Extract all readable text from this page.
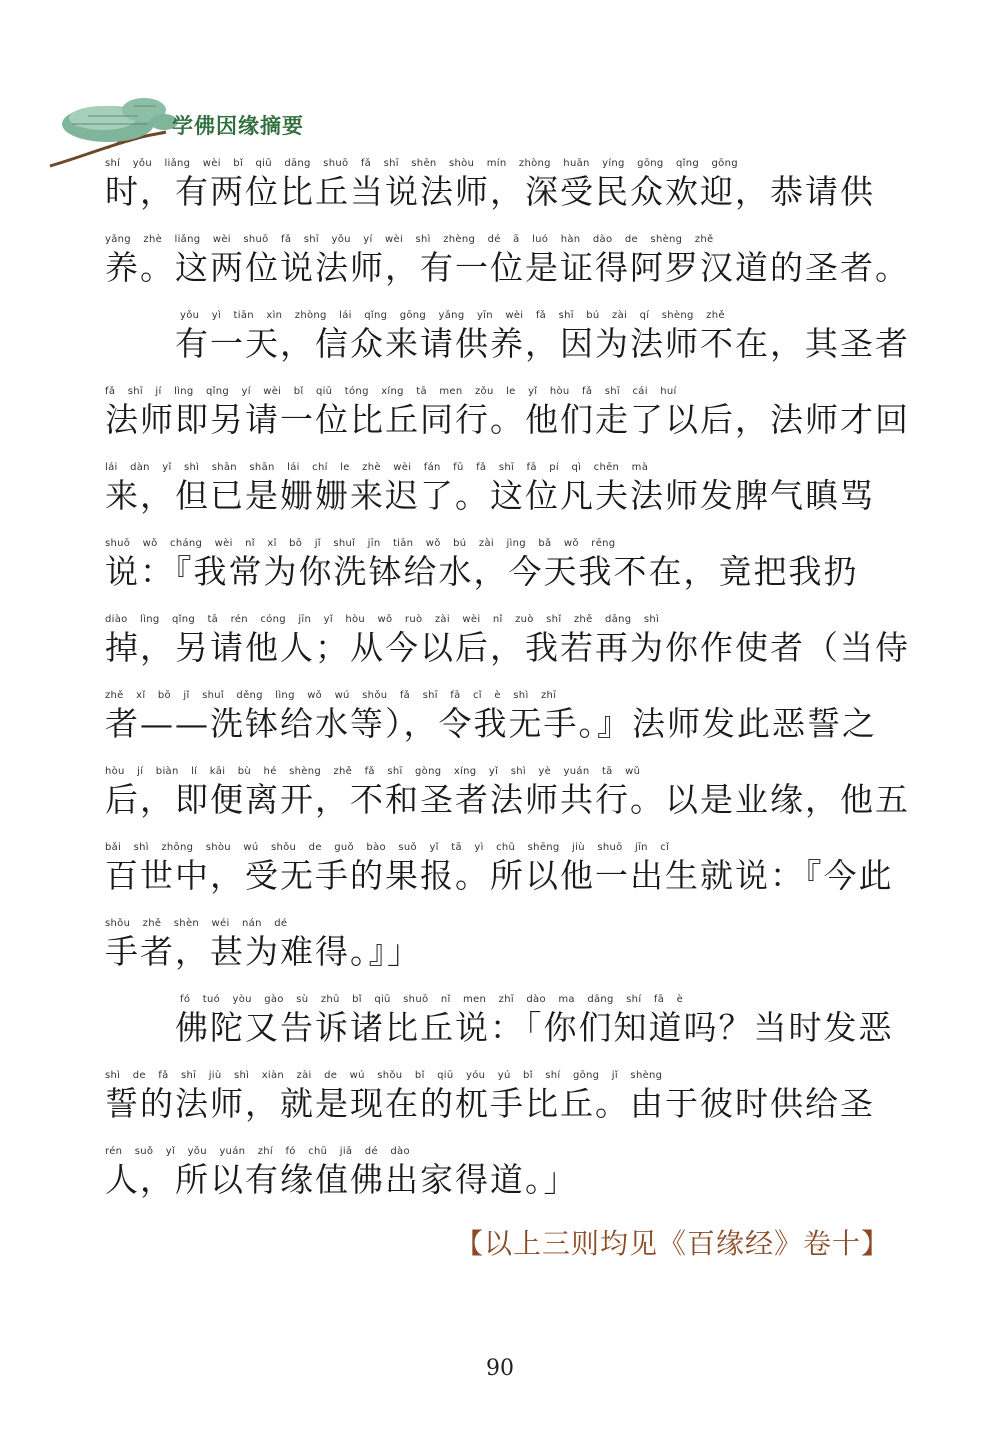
学佛因缘摘要
shí yǒu liǎng wèi bǐ qiū dāng shuō fǎ shī shēn shòu mín zhòng huān yíng gōng qǐng gōng
时，有两位比丘当说法师，深受民众欢迎，恭请供
yǎng zhè liǎng wèi shuō fǎ shī yǒu yí wèi shì zhèng dé ā luó hàn dào de shèng zhě
养。这两位说法师，有一位是证得阿罗汉道的圣者。
yǒu yì tiān xìn zhòng lái qǐng gōng yǎng yīn wèi fǎ shī bú zài qí shèng zhě
有一天，信众来请供养，因为法师不在，其圣者
fǎ shī jí lìng qǐng yí wèi bǐ qiū tóng xíng tā men zǒu le yǐ hòu fǎ shī cái huí
法师即另请一位比丘同行。他们走了以后，法师才回
lái dàn yǐ shì shān shān lái chí le zhè wèi fán fū fǎ shī fā pí qì chēn mà
来，但已是姗姗来迟了。这位凡夫法师发脾气瞋骂
shuō wǒ cháng wèi nǐ xǐ bō jǐ shuǐ jīn tiān wǒ bú zài jìng bǎ wǒ rēng
说：『我常为你洗钵给水，今天我不在，竟把我扔
diào lìng qǐng tā rén cóng jīn yǐ hòu wǒ ruò zài wèi nǐ zuò shǐ zhě dāng shì
掉，另请他人；从今以后，我若再为你作使者（当侍
zhě xǐ bō jǐ shuǐ děng lìng wǒ wú shǒu fǎ shī fā cǐ è shì zhī
者——洗钵给水等），令我无手。』法师发此恶誓之
hòu jí biàn lí kāi bù hé shèng zhě fǎ shī gòng xíng yǐ shì yè yuán tā wǔ
后，即便离开，不和圣者法师共行。以是业缘，他五
bǎi shì zhōng shòu wú shǒu de guǒ bào suǒ yǐ tā yì chū shēng jiù shuō jīn cǐ
百世中，受无手的果报。所以他一出生就说：『今此
shǒu zhě shèn wéi nán dé
手者，甚为难得。』」
fó tuó yòu gào sù zhū bǐ qiū shuō nǐ men zhī dào ma dāng shí fā è
佛陀又告诉诸比丘说：「你们知道吗？当时发恶
shì de fǎ shī jiù shì xiàn zài de wú shǒu bǐ qiū yóu yú bǐ shí gōng jǐ shèng
誓的法师，就是现在的杌手比丘。由于彼时供给圣
rén suǒ yǐ yǒu yuán zhí fó chū jiā dé dào
人，所以有缘值佛出家得道。」
【以上三则均见《百缘经》卷十】
90
